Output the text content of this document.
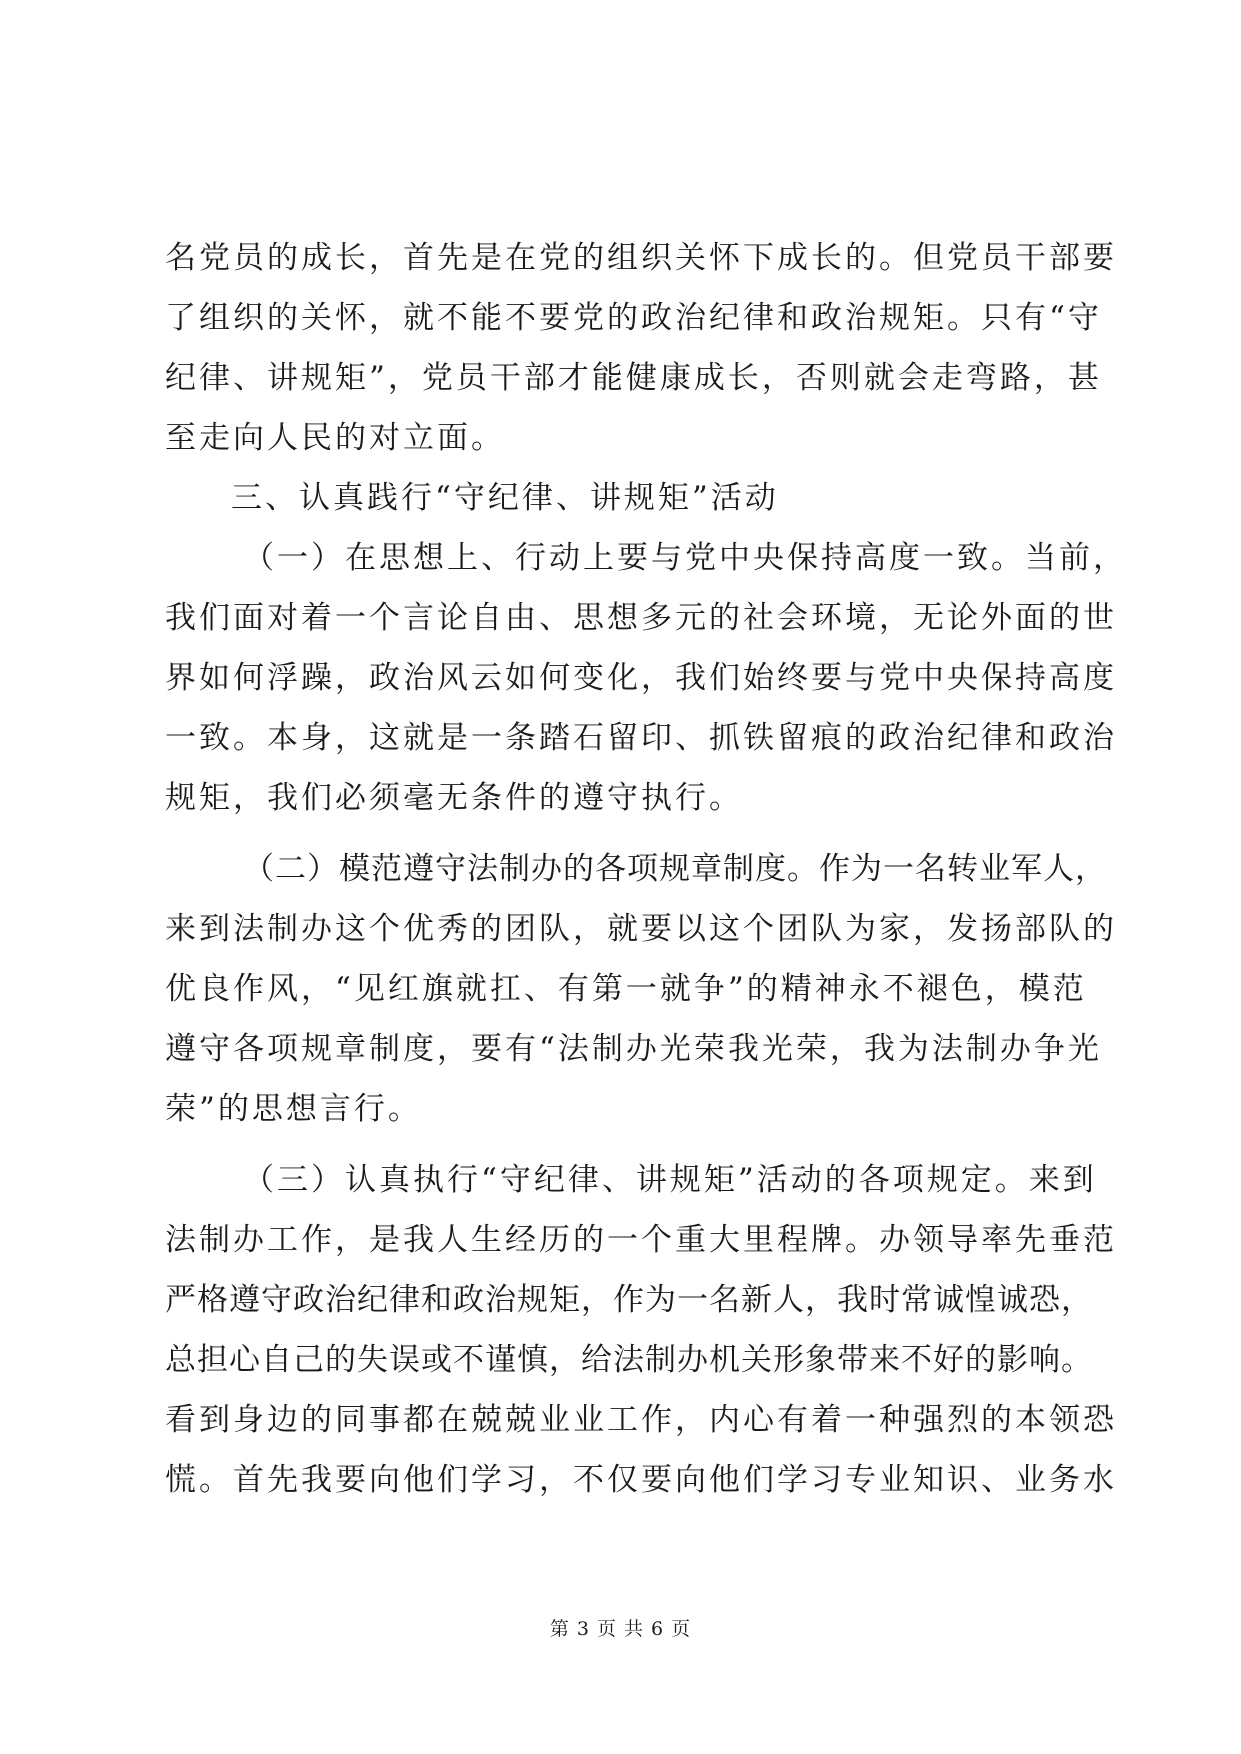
名党员的成长，首先是在党的组织关怀下成长的。但党员干部要
了组织的关怀，就不能不要党的政治纪律和政治规矩。只有“守
纪律、讲规矩”，党员干部才能健康成长，否则就会走弯路，甚
至走向人民的对立面。
三、认真践行“守纪律、讲规矩”活动
（一）在思想上、行动上要与党中央保持高度一致。当前，
我们面对着一个言论自由、思想多元的社会环境，无论外面的世
界如何浮躁，政治风云如何变化，我们始终要与党中央保持高度
一致。本身，这就是一条踏石留印、抓铁留痕的政治纪律和政治
规矩，我们必须毫无条件的遵守执行。
（二）模范遵守法制办的各项规章制度。作为一名转业军人，
来到法制办这个优秀的团队，就要以这个团队为家，发扬部队的
优良作风，“见红旗就扛、有第一就争”的精神永不褪色，模范
遵守各项规章制度，要有“法制办光荣我光荣，我为法制办争光
荣”的思想言行。
（三）认真执行“守纪律、讲规矩”活动的各项规定。来到
法制办工作，是我人生经历的一个重大里程牌。办领导率先垂范
严格遵守政治纪律和政治规矩，作为一名新人，我时常诚惶诚恐，
总担心自己的失误或不谨慎，给法制办机关形象带来不好的影响。
看到身边的同事都在兢兢业业工作，内心有着一种强烈的本领恐
慌。首先我要向他们学习，不仅要向他们学习专业知识、业务水
第 3 页 共 6 页
